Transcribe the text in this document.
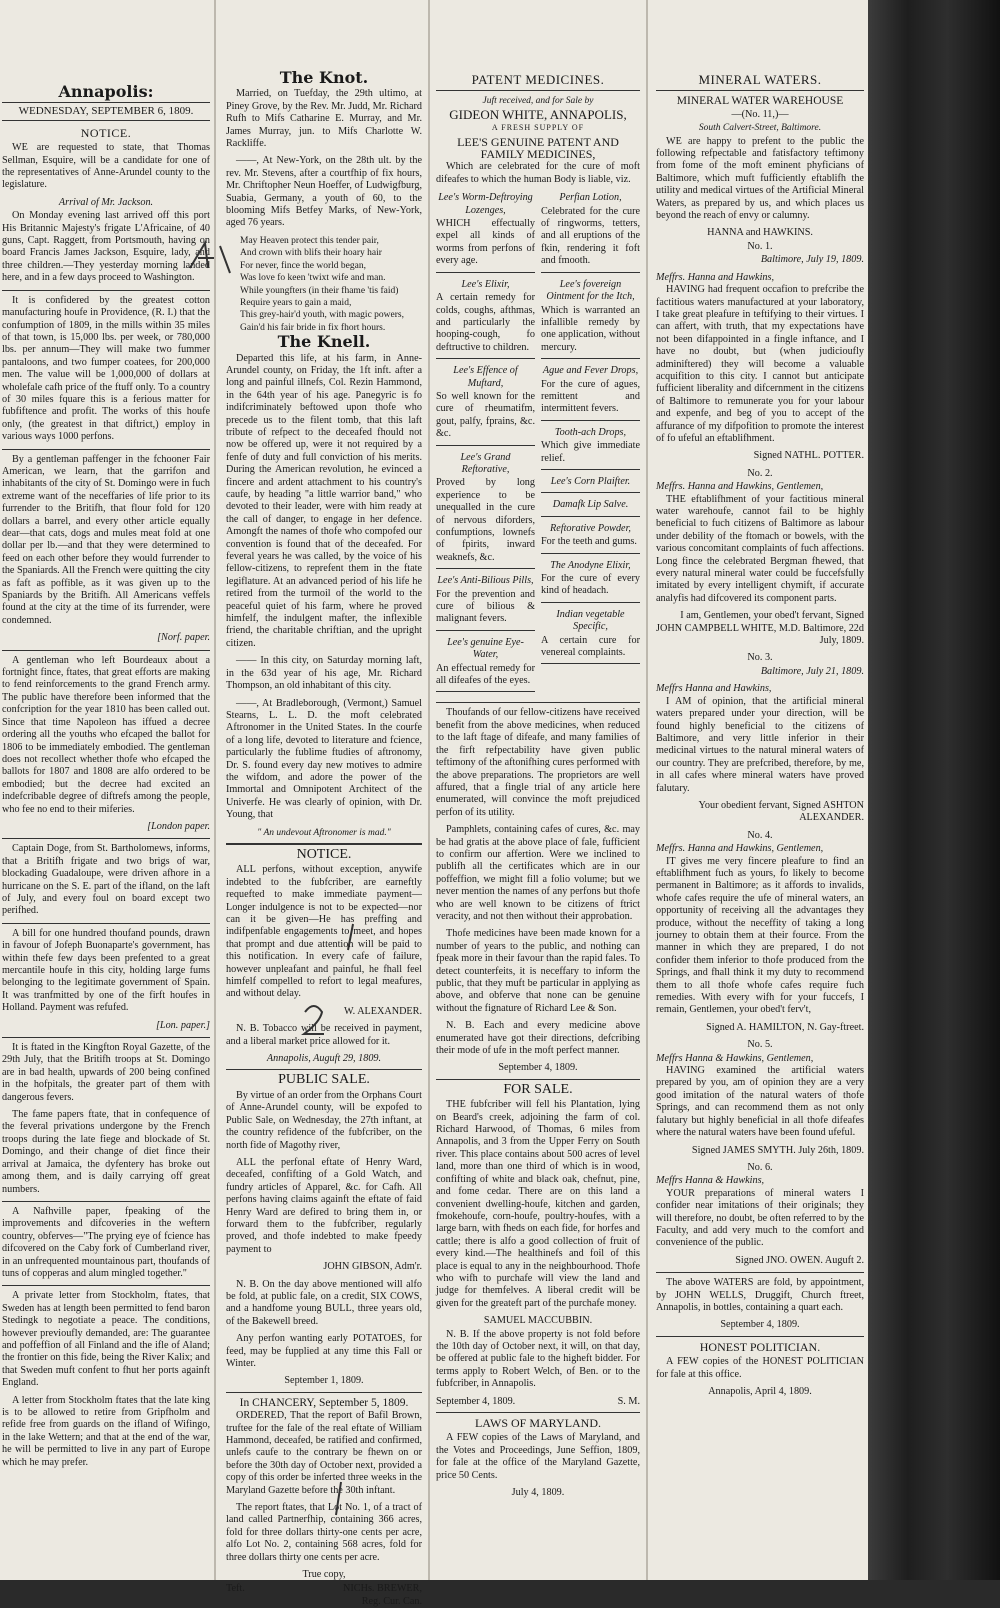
Annapolis:
WEDNESDAY, SEPTEMBER 6, 1809.
NOTICE.

WE are requested to state, that Thomas Sellman, Esquire, will be a candidate for one of the representatives of Anne-Arundel county to the legislature.

Arrival of Mr. Jackson.

On Monday evening last arrived off this port His Britannic Majesty's frigate L'Africaine, of 40 guns, Capt. Raggett, from Portsmouth, having on board Francis James Jackson, Esquire, lady, and three children.—They yesterday morning landed here, and in a few days proceed to Washington.

It is confidered by the greatest cotton manufacturing houfe in Providence, (R. I.) that the confumption of 1809, in the mills within 35 miles of that town, is 15,000 lbs. per week, or 780,000 lbs. per annum—They will make two fummer pantaloons, and two fumper coatees, for 200,000 men. The value will be 1,000,000 of dollars at wholefale cafh price of the ftuff only. To a country of 30 miles fquare this is a ferious matter for fubfiftence and profit. The works of this houfe only, (the greatest in that diftrict,) employ in various ways 1000 perfons.

By a gentleman paffenger in the fchooner Fair American, we learn, that the garrifon and inhabitants of the city of St. Domingo were in fuch extreme want of the neceffaries of life prior to its furrender to the Britifh, that flour fold for 120 dollars a barrel, and every other article equally dear—that cats, dogs and mules meat fold at one dollar per lb.—and that they were determined to feed on each other before they would furrender to the Spaniards. All the French were quitting the city as faft as poffible, as it was given up to the Spaniards by the Britifh. All Americans veffels found at the city at the time of its furrender, were condemned.

[Norf. paper.

A gentleman who left Bourdeaux about a fortnight fince, ftates, that great efforts are making to fend reinforcements to the grand French army. The public have therefore been informed that the confcription for the year 1810 has been called out. Since that time Napoleon has iffued a decree ordering all the youths who efcaped the ballot for 1806 to be immediately embodied. The gentleman does not recollect whether thofe who efcaped the ballots for 1807 and 1808 are alfo ordered to be embodied; but the decree had excited an indefcribable degree of diftrefs among the people, who fee no end to their miferies.

[London paper.

Captain Doge, from St. Bartholomews, informs, that a Britifh frigate and two brigs of war, blockading Guadaloupe, were driven afhore in a hurricane on the S. E. part of the ifland, on the laft of July, and every foul on board except two perifhed.

A bill for one hundred thoufand pounds, drawn in favour of Jofeph Buonaparte's government, has within thefe few days been prefented to a great mercantile houfe in this city, holding large fums belonging to the legitimate government of Spain. It was tranfmitted by one of the firft houfes in Holland. Payment was refufed.

[Lon. paper.]

It is ftated in the Kingfton Royal Gazette, of the 29th July, that the Britifh troops at St. Domingo are in bad health, upwards of 200 being confined in the hofpitals, the greater part of them with dangerous fevers.

The fame papers ftate, that in confequence of the feveral privations undergone by the French troops during the late fiege and blockade of St. Domingo, and their change of diet fince their arrival at Jamaica, the dyfentery has broke out among them, and is daily carrying off great numbers.

A Nafhville paper, fpeaking of the improvements and difcoveries in the weftern country, obferves—"The prying eye of fcience has difcovered on the Caby fork of Cumberland river, in an unfrequented mountainous part, thoufands of tuns of copperas and alum mingled together."

A private letter from Stockholm, ftates, that Sweden has at length been permitted to fend baron Stedingk to negotiate a peace. The conditions, however previoufly demanded, are: The guarantee and poffeffion of all Finland and the ifle of Aland; the frontier on this fide, being the River Kalix; and that Sweden muft confent to fhut her ports againft England.

A letter from Stockholm ftates that the late king is to be allowed to retire from Gripfholm and refide free from guards on the ifland of Wifingo, in the lake Wettern; and that at the end of the war, he will be permitted to live in any part of Europe which he may prefer.

The Knot.

Married, on Tuefday, the 29th ultimo, at Piney Grove, by the Rev. Mr. Judd, Mr. Richard Rufh to Mifs Catharine E. Murray, and Mr. James Murray, jun. to Mifs Charlotte W. Rackliffe.

——, At New-York, on the 28th ult. by the rev. Mr. Stevens, after a courtfhip of fix hours, Mr. Chriftopher Neun Hoeffer, of Ludwigfburg, Suabia, Germany, a youth of 60, to the blooming Mifs Betfey Marks, of New-York, aged 76 years.

May Heaven protect this tender pair,
And crown with blifs their hoary hair
For never, fince the world began,
Was love fo keen 'twixt wife and man.
While youngfters (in their fhame 'tis faid)
Require years to gain a maid,
This grey-hair'd youth, with magic powers,
Gain'd his fair bride in fix fhort hours.
The Knell.

Departed this life, at his farm, in Anne-Arundel county, on Friday, the 1ft inft. after a long and painful illnefs, Col. Rezin Hammond, in the 64th year of his age. Panegyric is fo indifcriminately beftowed upon thofe who precede us to the filent tomb, that this laft tribute of refpect to the deceafed fhould not now be offered up, were it not required by a fenfe of duty and full conviction of his merits. During the American revolution, he evinced a fincere and ardent attachment to his country's caufe, by heading "a little warrior band," who devoted to their leader, were with him ready at the call of danger, to engage in her defence. Amongft the names of thofe who compofed our convention is found that of the deceafed. For feveral years he was called, by the voice of his fellow-citizens, to reprefent them in the ftate legiflature. At an advanced period of his life he retired from the turmoil of the world to the peaceful quiet of his farm, where he proved himfelf, the indulgent mafter, the inflexible friend, the charitable chriftian, and the upright citizen.

—— In this city, on Saturday morning laft, in the 63d year of his age, Mr. Richard Thompson, an old inhabitant of this city.

——, At Bradleborough, (Vermont,) Samuel Stearns, L. L. D. the moft celebrated Aftronomer in the United States. In the courfe of a long life, devoted to literature and fcience, particularly the fublime ftudies of aftronomy, Dr. S. found every day new motives to admire the wifdom, and adore the power of the Immortal and Omnipotent Architect of the Univerfe. He was clearly of opinion, with Dr. Young, that

" An undevout Aftronomer is mad."
NOTICE.

ALL perfons, without exception, anywife indebted to the fubfcriber, are earneftly requefted to make immediate payment—Longer indulgence is not to be expected—nor can it be given—He has preffing and indifpenfable engagements to meet, and hopes that prompt and due attention will be paid to this notification. In every cafe of failure, however unpleafant and painful, he fhall feel himfelf compelled to refort to legal meafures, and without delay.

W. ALEXANDER.

N. B. Tobacco will be received in payment, and a liberal market price allowed for it.

Annapolis, Auguft 29, 1809.
PUBLIC SALE.

By virtue of an order from the Orphans Court of Anne-Arundel county, will be expofed to Public Sale, on Wednesday, the 27th inftant, at the country refidence of the fubfcriber, on the north fide of Magothy river,

ALL the perfonal eftate of Henry Ward, deceafed, confifting of a Gold Watch, and fundry articles of Apparel, &c. for Cafh. All perfons having claims againft the eftate of faid Henry Ward are defired to bring them in, or forward them to the fubfcriber, regularly proved, and thofe indebted to make fpeedy payment to

JOHN GIBSON, Adm'r.

N. B. On the day above mentioned will alfo be fold, at public fale, on a credit, SIX COWS, and a handfome young BULL, three years old, of the Bakewell breed.

Any perfon wanting early POTATOES, for feed, may be fupplied at any time this Fall or Winter.

September 1, 1809.
In CHANCERY, September 5, 1809.

ORDERED, That the report of Bafil Brown, truftee for the fale of the real eftate of William Hammond, deceafed, be ratified and confirmed, unlefs caufe to the contrary be fhewn on or before the 30th day of October next, provided a copy of this order be inferted three weeks in the Maryland Gazette before the 30th inftant.

The report ftates, that Lot No. 1, of a tract of land called Partnerfhip, containing 366 acres, fold for three dollars thirty-one cents per acre, alfo Lot No. 2, containing 568 acres, fold for three dollars thirty one cents per acre.

True copy,
Teft.	NICHs. BREWER,
Reg. Cur. Can.
PATENT MEDICINES.
Juft received, and for Sale by
GIDEON WHITE, ANNAPOLIS,
A FRESH SUPPLY OF
LEE'S GENUINE PATENT AND FAMILY MEDICINES,

Which are celebrated for the cure of moft difeafes to which the human Body is liable, viz.

Lee's Worm-Deftroying Lozenges,
WHICH effectually expel all kinds of worms from perfons of every age.
Lee's Elixir,
A certain remedy for colds, coughs, afthmas, and particularly the hooping-cough, fo deftructive to children.
Lee's Effence of Muftard,
So well known for the cure of rheumatifm, gout, palfy, fprains, &c. &c.
Lee's Grand Reftorative,
Proved by long experience to be unequalled in the cure of nervous diforders, confumptions, lownefs of fpirits, inward weaknefs, &c.
Lee's Anti-Bilious Pills,
For the prevention and cure of bilious & malignant fevers.
Lee's genuine Eye-Water,
An effectual remedy for all difeafes of the eyes.
Perfian Lotion,
Celebrated for the cure of ringworms, tetters, and all eruptions of the fkin, rendering it foft and fmooth.
Lee's fovereign Ointment for the Itch,
Which is warranted an infallible remedy by one application, without mercury.
Ague and Fever Drops,
For the cure of agues, remittent and intermittent fevers.
Tooth-ach Drops,
Which give immediate relief.
Lee's Corn Plaifter.
Damafk Lip Salve.
Reftorative Powder,
For the teeth and gums.
The Anodyne Elixir,
For the cure of every kind of headach.
Indian vegetable Specific,
A certain cure for venereal complaints.

Thoufands of our fellow-citizens have received benefit from the above medicines, when reduced to the laft ftage of difeafe, and many families of the firft refpectability have given public teftimony of the aftonifhing cures performed with the above preparations. The proprietors are well affured, that a fingle trial of any article here enumerated, will convince the moft prejudiced perfon of its utility.

Pamphlets, containing cafes of cures, &c. may be had gratis at the above place of fale, fufficient to confirm our affertion. Were we inclined to publifh all the certificates which are in our poffeffion, we might fill a folio volume; but we never mention the names of any perfons but thofe who are well known to be citizens of ftrict veracity, and not then without their approbation.

Thofe medicines have been made known for a number of years to the public, and nothing can fpeak more in their favour than the rapid fales. To detect counterfeits, it is neceffary to inform the public, that they muft be particular in applying as above, and obferve that none can be genuine without the fignature of Richard Lee & Son.

N. B. Each and every medicine above enumerated have got their directions, defcribing their mode of ufe in the moft perfect manner.

September 4, 1809.
FOR SALE.

THE fubfcriber will fell his Plantation, lying on Beard's creek, adjoining the farm of col. Richard Harwood, of Thomas, 6 miles from Annapolis, and 3 from the Upper Ferry on South river. This place contains about 500 acres of level land, more than one third of which is in wood, confifting of white and black oak, chefnut, pine, and fome cedar. There are on this land a convenient dwelling-houfe, kitchen and garden, fmokehoufe, corn-houfe, poultry-houfes, with a large barn, with fheds on each fide, for horfes and cattle; there is alfo a good collection of fruit of every kind.—The healthinefs and foil of this place is equal to any in the neighbourhood. Thofe who wifh to purchafe will view the land and judge for themfelves. A liberal credit will be given for the greateft part of the purchafe money.

SAMUEL MACCUBBIN.

N. B. If the above property is not fold before the 10th day of October next, it will, on that day, be offered at public fale to the higheft bidder. For terms apply to Robert Welch, of Ben. or to the fubfcriber, in Annapolis.

September 4, 1809.	S. M.
LAWS OF MARYLAND.

A FEW copies of the Laws of Maryland, and the Votes and Proceedings, June Seffion, 1809, for fale at the office of the Maryland Gazette, price 50 Cents.

July 4, 1809.
MINERAL WATERS.
MINERAL WATER WAREHOUSE
—(No. 11,)—
South Calvert-Street, Baltimore.

WE are happy to prefent to the public the following refpectable and fatisfactory teftimony from fome of the moft eminent phyficians of Baltimore, which muft fufficiently eftablifh the utility and medical virtues of the Artificial Mineral Waters, as prepared by us, and which places us beyond the reach of envy or calumny.

HANNA and HAWKINS.
No. 1.
Baltimore, July 19, 1809.
Meffrs. Hanna and Hawkins,

HAVING had frequent occafion to prefcribe the factitious waters manufactured at your laboratory, I take great pleafure in teftifying to their virtues. I can affert, with truth, that my expectations have not been difappointed in a fingle inftance, and I have no doubt, but (when judicioufly adminiftered) they will become a valuable acquifition to this city. I cannot but anticipate fufficient liberality and difcernment in the citizens of Baltimore to remunerate you for your labour and expenfe, and beg of you to accept of the affurance of my difpofition to promote the interest of fo ufeful an eftablifhment.

Signed NATHL. POTTER.
No. 2.
Meffrs. Hanna and Hawkins, Gentlemen,

THE eftablifhment of your factitious mineral water warehoufe, cannot fail to be highly beneficial to fuch citizens of Baltimore as labour under debility of the ftomach or bowels, with the various concomitant complaints of fuch affections. Long fince the celebrated Bergman fhewed, that every natural mineral water could be fuccefsfully imitated by every intelligent chymift, if accurate analyfis had difcovered its component parts.

I am, Gentlemen, your obed't fervant, Signed JOHN CAMPBELL WHITE, M.D. Baltimore, 22d July, 1809.
No. 3.
Baltimore, July 21, 1809.
Meffrs Hanna and Hawkins,

I AM of opinion, that the artificial mineral waters prepared under your direction, will be found highly beneficial to the citizens of Baltimore, and very little inferior in their medicinal virtues to the natural mineral waters of our country. They are prefcribed, therefore, by me, in all cafes where mineral waters have proved falutary.

Your obedient fervant, Signed ASHTON ALEXANDER.
No. 4.
Meffrs. Hanna and Hawkins, Gentlemen,

IT gives me very fincere pleafure to find an eftablifhment fuch as yours, fo likely to become permanent in Baltimore; as it affords to invalids, whofe cafes require the ufe of mineral waters, an opportunity of receiving all the advantages they produce, without the neceffity of taking a long journey to obtain them at their fource. From the manner in which they are prepared, I do not confider them inferior to thofe produced from the Springs, and fhall think it my duty to recommend them to all thofe whofe cafes require fuch remedies. With every wifh for your fuccefs, I remain, Gentlemen, your obed't ferv't,

Signed A. HAMILTON, N. Gay-ftreet.
No. 5.
Meffrs Hanna & Hawkins, Gentlemen,

HAVING examined the artificial waters prepared by you, am of opinion they are a very good imitation of the natural waters of thofe Springs, and can recommend them as not only falutary but highly beneficial in all thofe difeafes where the natural waters have been found ufeful.

Signed JAMES SMYTH. July 26th, 1809.
No. 6.
Meffrs Hanna & Hawkins,

YOUR preparations of mineral waters I confider near imitations of their originals; they will therefore, no doubt, be often referred to by the Faculty, and add very much to the comfort and convenience of the public.

Signed JNO. OWEN. Auguft 2.

The above WATERS are fold, by appointment, by JOHN WELLS, Druggift, Church ftreet, Annapolis, in bottles, containing a quart each.

September 4, 1809.
HONEST POLITICIAN.

A FEW copies of the HONEST POLITICIAN for fale at this office.

Annapolis, April 4, 1809.
